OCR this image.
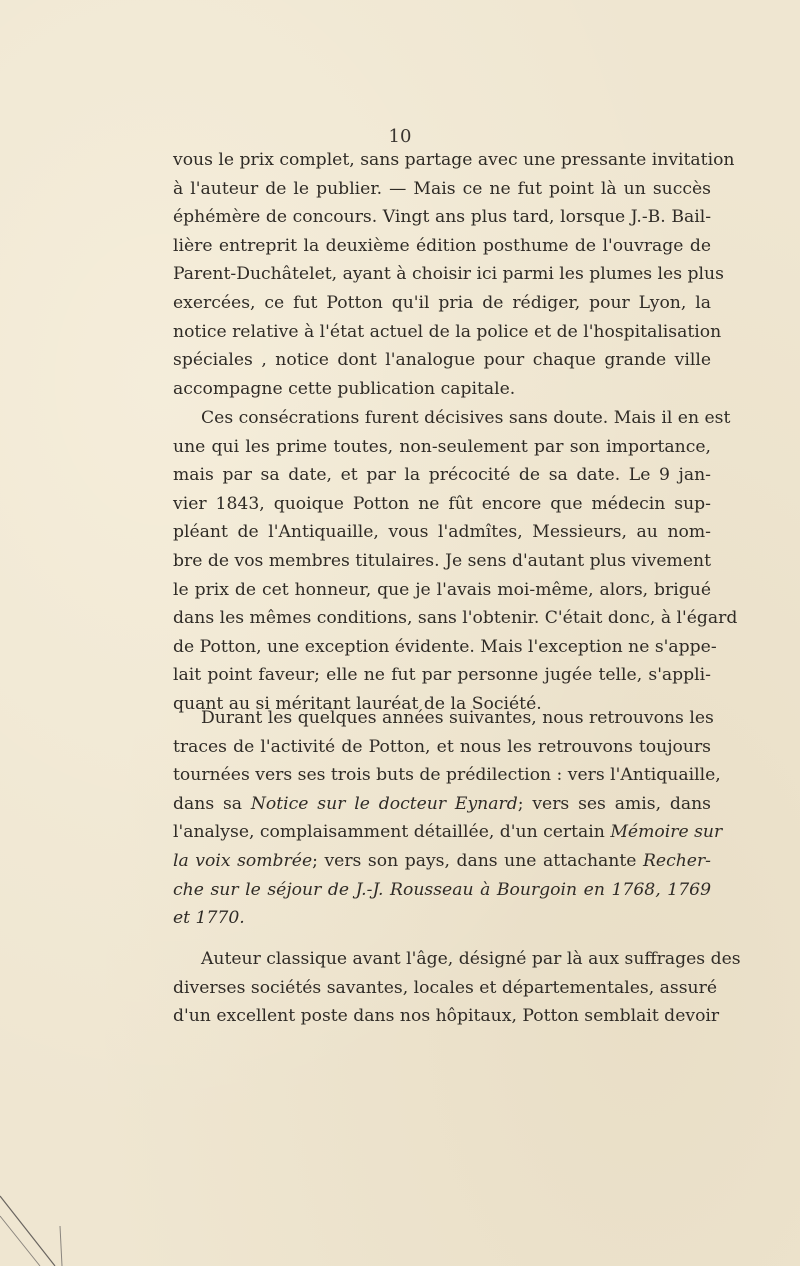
10
vous le prix complet, sans partage avec une pressante invitation
à l'auteur de le publier. — Mais ce ne fut point là un succès
éphémère de concours. Vingt ans plus tard, lorsque J.-B. Bail-
lière entreprit la deuxième édition posthume de l'ouvrage de
Parent-Duchâtelet, ayant à choisir ici parmi les plumes les plus
exercées, ce fut Potton qu'il pria de rédiger, pour Lyon, la
notice relative à l'état actuel de la police et de l'hospitalisation
spéciales , notice dont l'analogue pour chaque grande ville
accompagne cette publication capitale.
Ces consécrations furent décisives sans doute. Mais il en est
une qui les prime toutes, non-seulement par son importance,
mais par sa date, et par la précocité de sa date. Le 9 jan-
vier 1843, quoique Potton ne fût encore que médecin sup-
pléant de l'Antiquaille, vous l'admîtes, Messieurs, au nom-
bre de vos membres titulaires. Je sens d'autant plus vivement
le prix de cet honneur, que je l'avais moi-même, alors, brigué
dans les mêmes conditions, sans l'obtenir. C'était donc, à l'égard
de Potton, une exception évidente. Mais l'exception ne s'appe-
lait point faveur; elle ne fut par personne jugée telle, s'appli-
quant au si méritant lauréat de la Société.
Durant les quelques années suivantes, nous retrouvons les
traces de l'activité de Potton, et nous les retrouvons toujours
tournées vers ses trois buts de prédilection : vers l'Antiquaille,
dans sa Notice sur le docteur Eynard; vers ses amis, dans
l'analyse, complaisamment détaillée, d'un certain Mémoire sur
la voix sombrée; vers son pays, dans une attachante Recher-
che sur le séjour de J.-J. Rousseau à Bourgoin en 1768, 1769
et 1770.
Auteur classique avant l'âge, désigné par là aux suffrages des
diverses sociétés savantes, locales et départementales, assuré
d'un excellent poste dans nos hôpitaux, Potton semblait devoir
